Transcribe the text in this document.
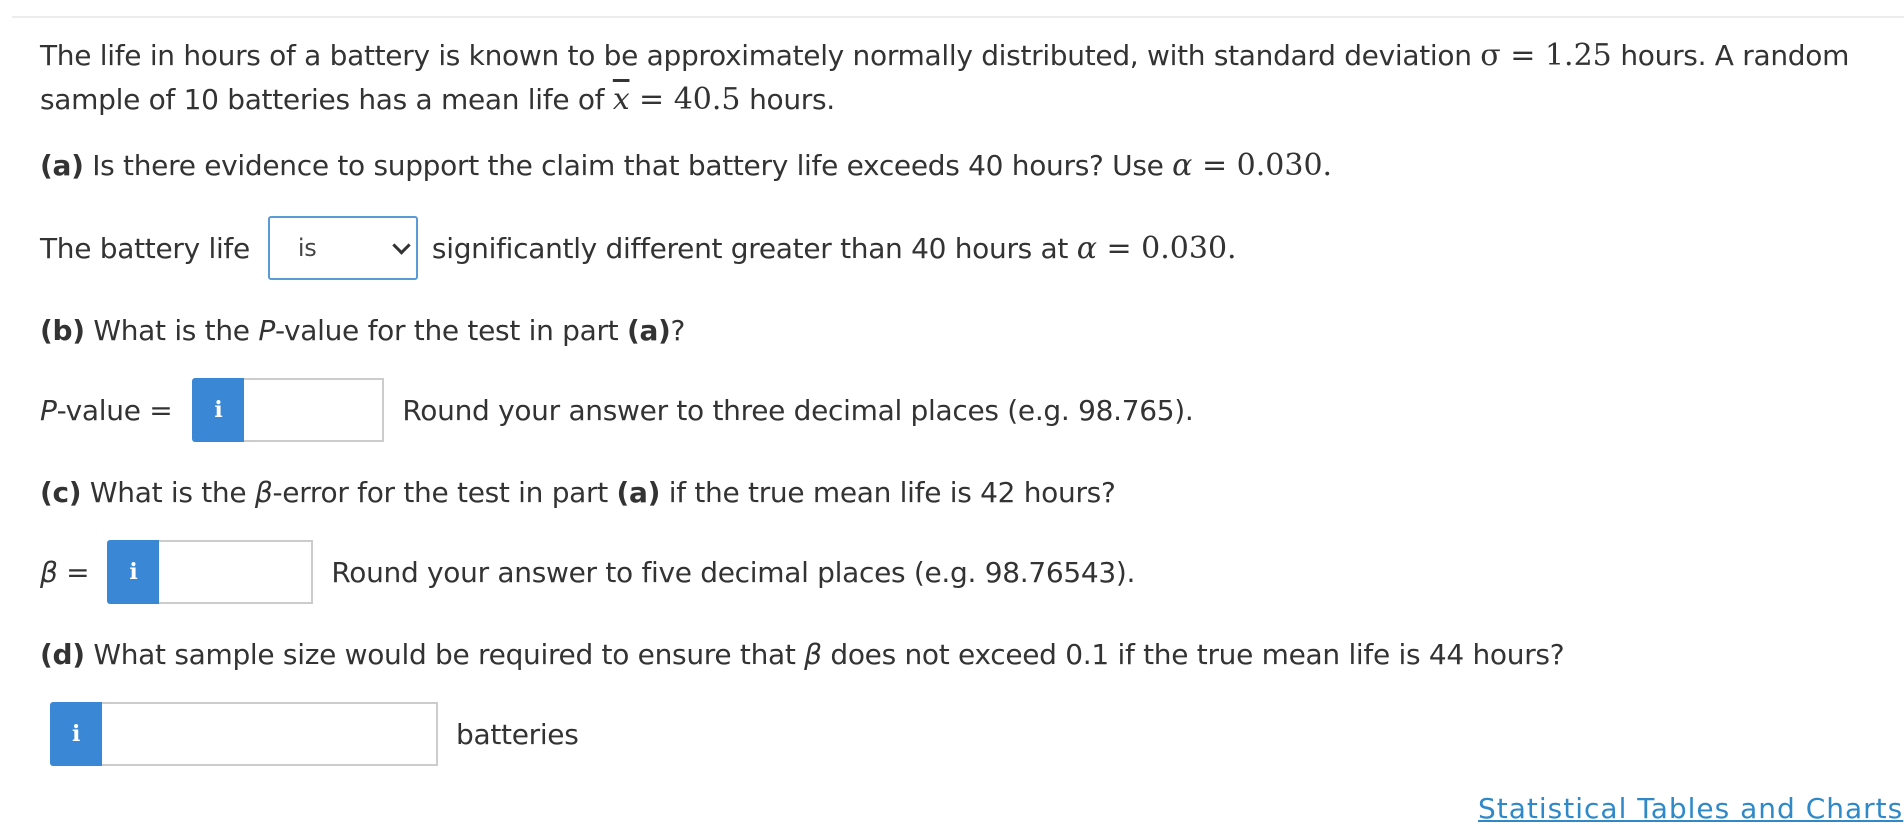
The life in hours of a battery is known to be approximately normally distributed, with standard deviation σ = 1.25 hours. A random
sample of 10 batteries has a mean life of $\overline{x} = 40.5$ hours.
(a) Is there evidence to support the claim that battery life exceeds 40 hours? Use α = 0.030.
The battery life is	significantly different greater than 40 hours at α = 0.030.
(b) What is the P -value for the test in part (a) ?
P-value =	i	Round your answer to three decimal places (e.g. 98.765).
(c) What is the β -error for the test in part (a) if the true mean life is 42 hours?
β =	i	Round your answer to five decimal places (e.g. 98.76543).
(d) What sample size would be required to ensure that β does not exceed 0.1 if the true mean life is 44 hours?
i	batteries
Statistical Tables and Charts
